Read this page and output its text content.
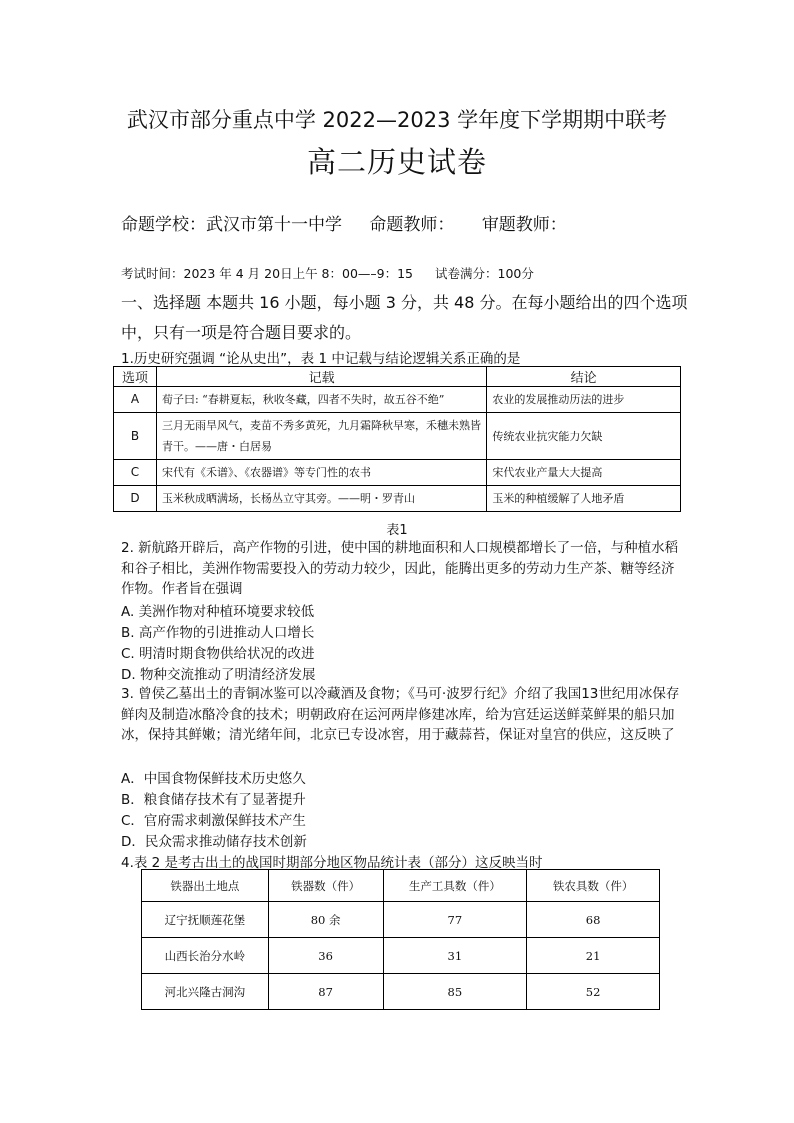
武汉市部分重点中学 2022—2023 学年度下学期期中联考
高二历史试卷
命题学校：武汉市第十一中学 命题教师： 审题教师：
考试时间：2023 年 4 月 20日上午 8：00—–9：15 试卷满分：100分
一、选择题 本题共 16 小题，每小题 3 分，共 48 分。在每小题给出的四个选项
中，只有一项是符合题目要求的。
1.历史研究强调 “论从史出”，表 1 中记载与结论逻辑关系正确的是
选项	记载	结论
A	荀子曰: “春耕夏耘，秋收冬藏，四者不失时，故五谷不绝”	农业的发展推动历法的进步
B	三月无雨旱风气，麦苗不秀多黄死，九月霜降秋早寒，禾穗未熟皆青干。——唐・白居易	传统农业抗灾能力欠缺
C	宋代有《禾谱》、《农器谱》等专门性的农书	宋代农业产量大大提高
D	玉米秋成晒满场，长杨丛立守其旁。——明・罗青山	玉米的种植缓解了人地矛盾
表1
2. 新航路开辟后，高产作物的引进，使中国的耕地面积和人口规模都增长了一倍，与种植水稻和谷子相比，美洲作物需要投入的劳动力较少，因此，能腾出更多的劳动力生产茶、糖等经济作物。作者旨在强调
A. 美洲作物对种植环境要求较低
B. 高产作物的引进推动人口增长
C. 明清时期食物供给状况的改进
D. 物种交流推动了明清经济发展
3. 曾侯乙墓出土的青铜冰鉴可以冷藏酒及食物；《马可·波罗行纪》介绍了我国13世纪用冰保存鲜肉及制造冰酪冷食的技术；明朝政府在运河两岸修建冰库，给为宫廷运送鲜菜鲜果的船只加冰，保持其鲜嫩；清光绪年间，北京已专设冰窖，用于藏蒜苔，保证对皇宫的供应，这反映了
A．中国食物保鲜技术历史悠久
B．粮食储存技术有了显著提升
C．官府需求刺激保鲜技术产生
D．民众需求推动储存技术创新
4.表 2 是考古出土的战国时期部分地区物品统计表（部分）这反映当时
铁器出土地点	铁器数（件）	生产工具数（件）	铁农具数（件）
辽宁抚顺莲花堡	80 余	77	68
山西长治分水岭	36	31	21
河北兴隆古洞沟	87	85	52
